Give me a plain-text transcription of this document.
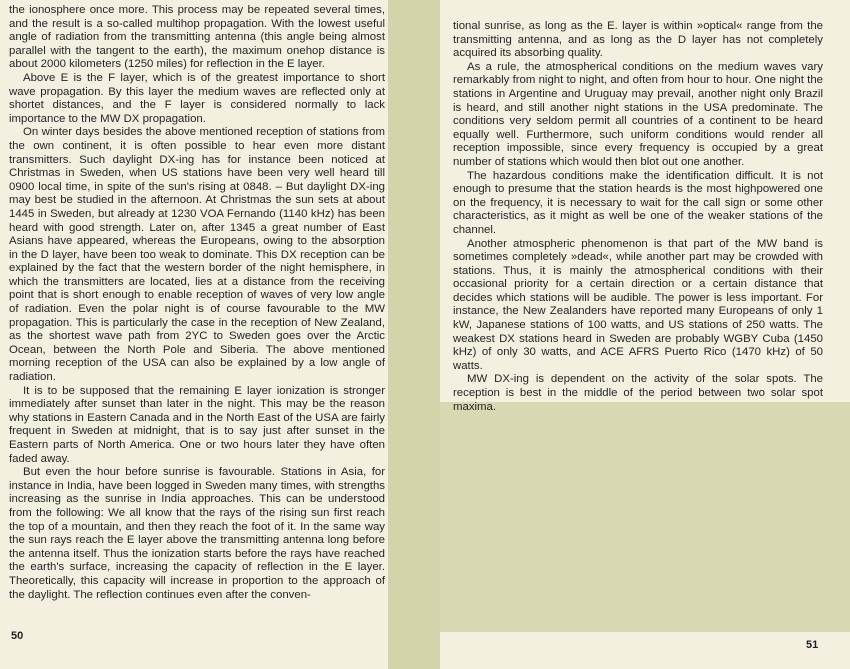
the ionosphere once more. This process may be repeated several times, and the result is a so-called multihop propagation. With the lowest useful angle of radiation from the transmitting antenna (this angle being almost parallel with the tangent to the earth), the maximum onehop distance is about 2000 kilometers (1250 miles) for reflection in the E layer.

Above E is the F layer, which is of the greatest importance to short wave propagation. By this layer the medium waves are reflected only at shortet distances, and the F layer is considered normally to lack importance to the MW DX propagation.

On winter days besides the above mentioned reception of stations from the own continent, it is often possible to hear even more distant transmitters. Such daylight DX-ing has for instance been noticed at Christmas in Sweden, when US stations have been very well heard till 0900 local time, in spite of the sun's rising at 0848. – But daylight DX-ing may best be studied in the afternoon. At Christmas the sun sets at about 1445 in Sweden, but already at 1230 VOA Fernando (1140 kHz) has been heard with good strength. Later on, after 1345 a great number of East Asians have appeared, whereas the Europeans, owing to the absorption in the D layer, have been too weak to dominate. This DX reception can be explained by the fact that the western border of the night hemisphere, in which the transmitters are located, lies at a distance from the receiving point that is short enough to enable reception of waves of very low angle of radiation. Even the polar night is of course favourable to the MW propagation. This is particularly the case in the reception of New Zealand, as the shortest wave path from 2YC to Sweden goes over the Arctic Ocean, between the North Pole and Siberia. The above mentioned morning reception of the USA can also be explained by a low angle of radiation.

It is to be supposed that the remaining E layer ionization is stronger immediately after sunset than later in the night. This may be the reason why stations in Eastern Canada and in the North East of the USA are fairly frequent in Sweden at midnight, that is to say just after sunset in the Eastern parts of North America. One or two hours later they have often faded away.

But even the hour before sunrise is favourable. Stations in Asia, for instance in India, have been logged in Sweden many times, with strengths increasing as the sunrise in India approaches. This can be understood from the following: We all know that the rays of the rising sun first reach the top of a mountain, and then they reach the foot of it. In the same way the sun rays reach the E layer above the transmitting antenna long before the antenna itself. Thus the ionization starts before the rays have reached the earth's surface, increasing the capacity of reflection in the E layer. Theoretically, this capacity will increase in proportion to the approach of the daylight. The reflection continues even after the conven-

tional sunrise, as long as the E. layer is within »optical« range from the transmitting antenna, and as long as the D layer has not completely acquired its absorbing quality.

As a rule, the atmospherical conditions on the medium waves vary remarkably from night to night, and often from hour to hour. One night the stations in Argentine and Uruguay may prevail, another night only Brazil is heard, and still another night stations in the USA predominate. The conditions very seldom permit all countries of a continent to be heard equally well. Furthermore, such uniform conditions would render all reception impossible, since every frequency is occupied by a great number of stations which would then blot out one another.

The hazardous conditions make the identification difficult. It is not enough to presume that the station heards is the most highpowered one on the frequency, it is necessary to wait for the call sign or some other characteristics, as it might as well be one of the weaker stations of the channel.

Another atmospheric phenomenon is that part of the MW band is sometimes completely »dead«, while another part may be crowded with stations. Thus, it is mainly the atmospherical conditions with their occasional priority for a certain direction or a certain distance that decides which stations will be audible. The power is less important. For instance, the New Zealanders have reported many Europeans of only 1 kW, Japanese stations of 100 watts, and US stations of 250 watts. The weakest DX stations heard in Sweden are probably WGBY Cuba (1450 kHz) of only 30 watts, and ACE AFRS Puerto Rico (1470 kHz) of 50 watts.

MW DX-ing is dependent on the activity of the solar spots. The reception is best in the middle of the period between two solar spot maxima.

50
51
